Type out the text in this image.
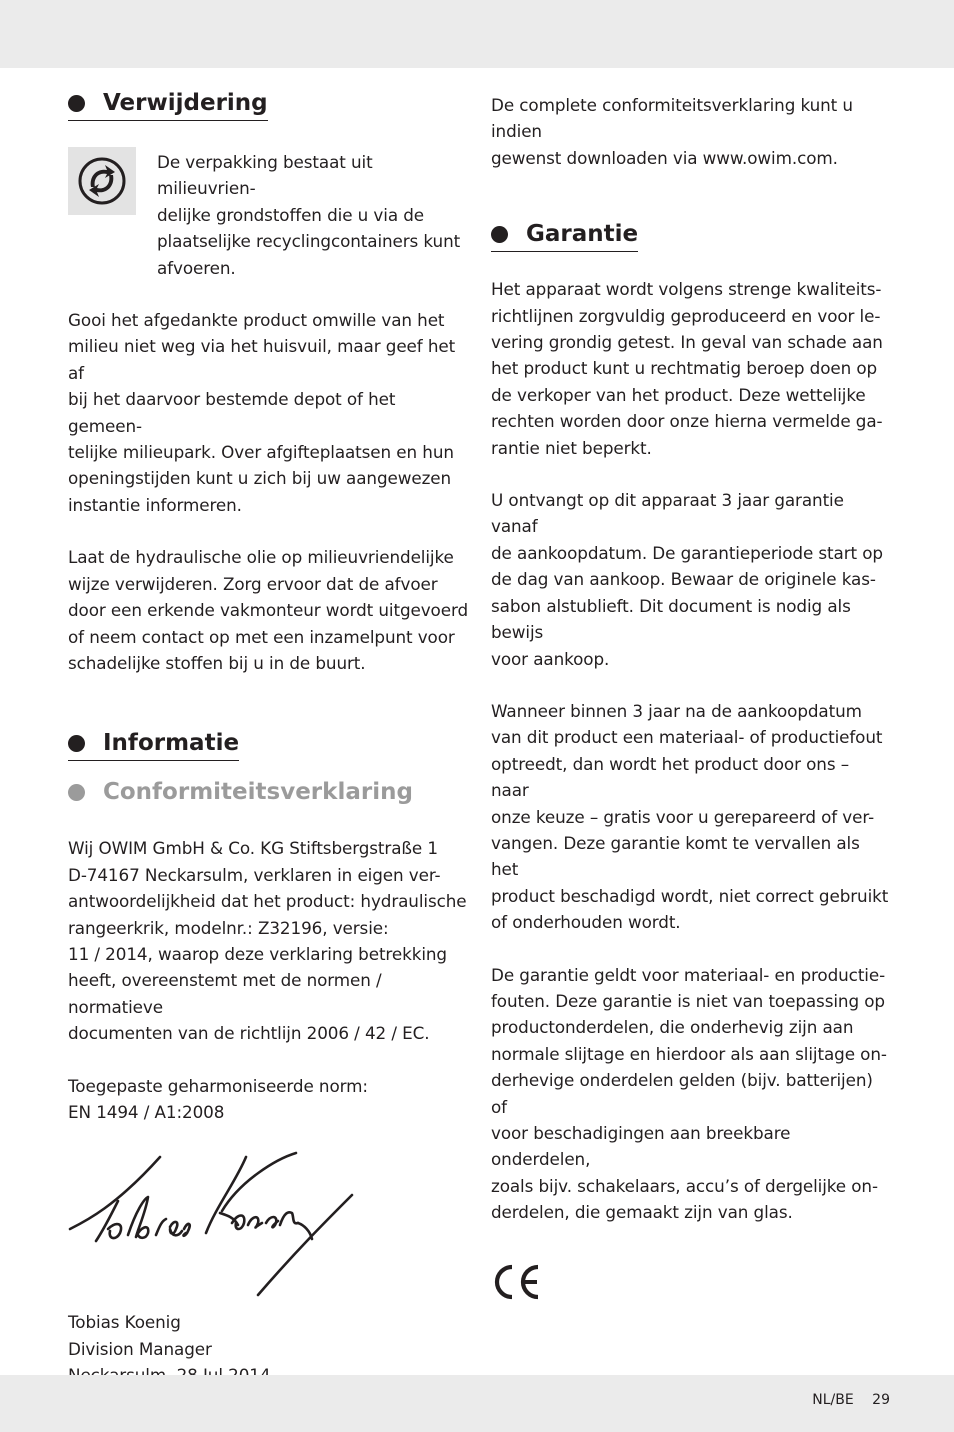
Verwijdering

De verpakking bestaat uit milieuvrien-
delijke grondstoffen die u via de
plaatselijke recyclingcontainers kunt
afvoeren.

Gooi het afgedankte product omwille van het
milieu niet weg via het huisvuil, maar geef het af
bij het daarvoor bestemde depot of het gemeen-
telijke milieupark. Over afgifteplaatsen en hun
openingstijden kunt u zich bij uw aangewezen
instantie informeren.

Laat de hydraulische olie op milieuvriendelijke
wijze verwijderen. Zorg ervoor dat de afvoer
door een erkende vakmonteur wordt uitgevoerd
of neem contact op met een inzamelpunt voor
schadelijke stoffen bij u in de buurt.

Informatie

Conformiteitsverklaring

Wij OWIM GmbH & Co. KG Stiftsbergstraße 1
D-74167 Neckarsulm, verklaren in eigen ver-
antwoordelijkheid dat het product: hydraulische
rangeerkrik, modelnr.: Z32196, versie:
11 / 2014, waarop deze verklaring betrekking
heeft, overeenstemt met de normen / normatieve
documenten van de richtlijn 2006 / 42 / EC.

Toegepaste geharmoniseerde norm:
EN 1494 / A1:2008

Tobias Koenig

Division Manager

De complete conformiteitsverklaring kunt u indien
gewenst downloaden via www.owim.com.

Garantie

Het apparaat wordt volgens strenge kwaliteits-
richtlijnen zorgvuldig geproduceerd en voor le-
vering grondig getest. In geval van schade aan
het product kunt u rechtmatig beroep doen op
de verkoper van het product. Deze wettelijke
rechten worden door onze hierna vermelde ga-
rantie niet beperkt.

U ontvangt op dit apparaat 3 jaar garantie vanaf
de aankoopdatum. De garantieperiode start op
de dag van aankoop. Bewaar de originele kas-
sabon alstublieft. Dit document is nodig als bewijs
voor aankoop.

Wanneer binnen 3 jaar na de aankoopdatum
van dit product een materiaal- of productiefout
optreedt, dan wordt het product door ons – naar
onze keuze – gratis voor u gerepareerd of ver-
vangen. Deze garantie komt te vervallen als het
product beschadigd wordt, niet correct gebruikt
of onderhouden wordt.

De garantie geldt voor materiaal- en productie-
fouten. Deze garantie is niet van toepassing op
productonderdelen, die onderhevig zijn aan
normale slijtage en hierdoor als aan slijtage on-
derhevige onderdelen gelden (bijv. batterijen) of
voor beschadigingen aan breekbare onderdelen,
zoals bijv. schakelaars, accu’s of dergelijke on-
derdelen, die gemaakt zijn van glas.

NL/BE 29
